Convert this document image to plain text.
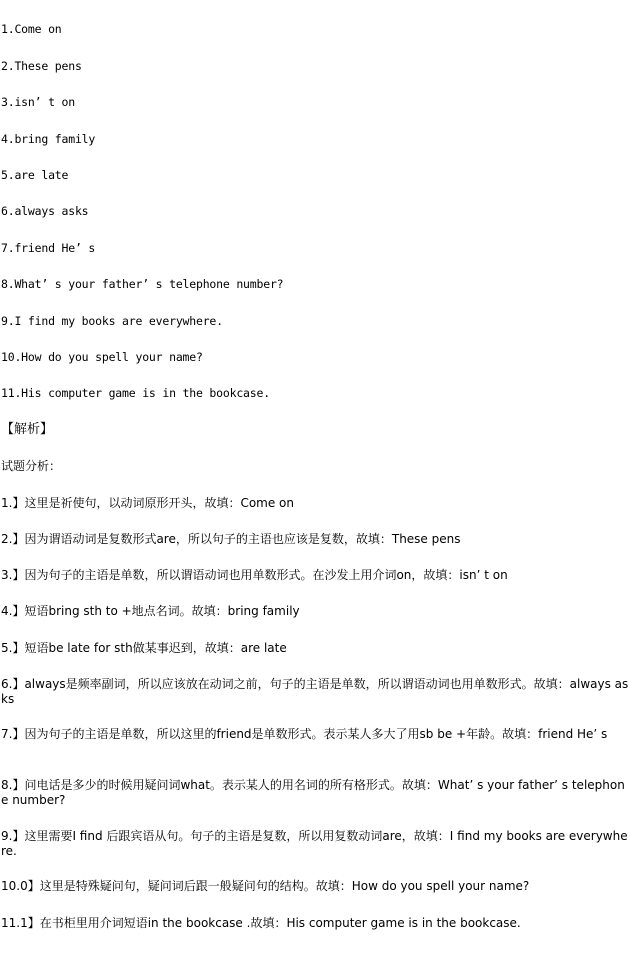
1.Come on
2.These pens
3.isn’ t on
4.bring family
5.are late
6.always asks
7.friend He’ s
8.What’ s your father’ s telephone number?
9.I find my books are everywhere.
10.How do you spell your name?
11.His computer game is in the bookcase.
【解析】
试题分析：
1.】这里是祈使句，以动词原形开头，故填：Come on
2.】因为谓语动词是复数形式are，所以句子的主语也应该是复数，故填：These pens
3.】因为句子的主语是单数，所以谓语动词也用单数形式。在沙发上用介词on，故填：isn’ t on
4.】短语bring sth to +地点名词。故填：bring family
5.】短语be late for sth做某事迟到，故填：are late
6.】always是频率副词，所以应该放在动词之前，句子的主语是单数，所以谓语动词也用单数形式。故填：always asks
7.】因为句子的主语是单数，所以这里的friend是单数形式。表示某人多大了用sb be +年龄。故填：friend He’ s
8.】问电话是多少的时候用疑问词what。表示某人的用名词的所有格形式。故填：What’ s your father’ s telephone number?
9.】这里需要I find 后跟宾语从句。句子的主语是复数，所以用复数动词are，故填：I find my books are everywhere.
10.0】这里是特殊疑问句，疑问词后跟一般疑问句的结构。故填：How do you spell your name?
11.1】在书柜里用介词短语in the bookcase .故填：His computer game is in the bookcase.
